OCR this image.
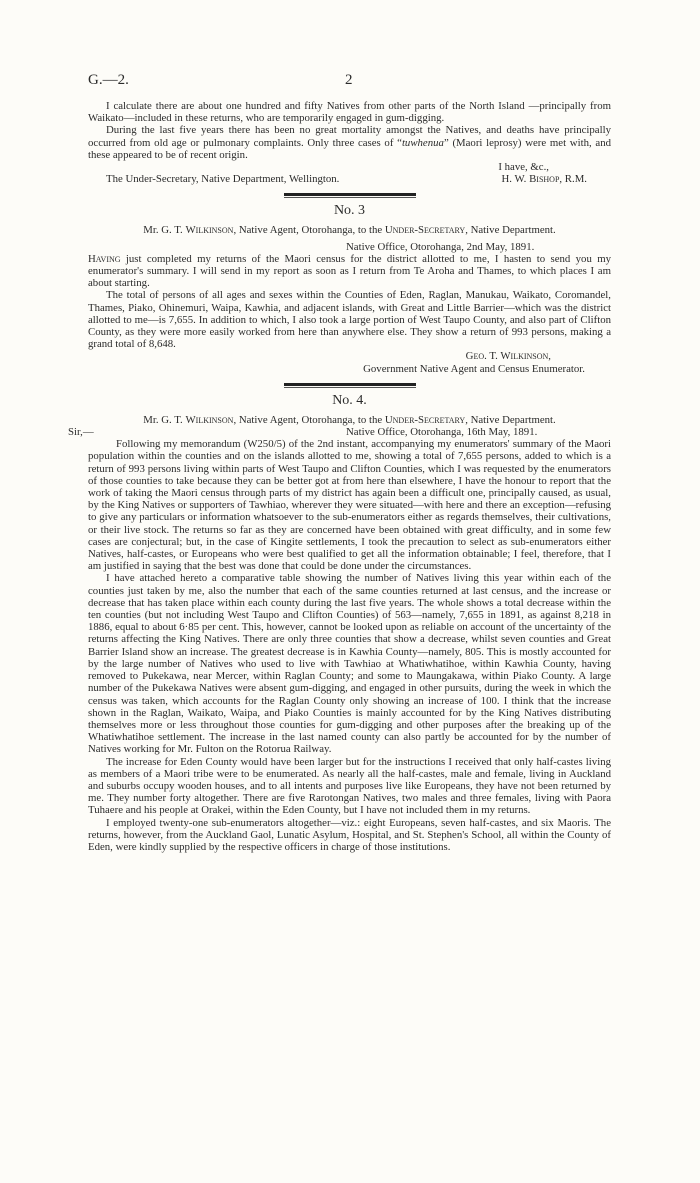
G.—2.	2

I calculate there are about one hundred and fifty Natives from other parts of the North Island —principally from Waikato—included in these returns, who are temporarily engaged in gum-digging.

During the last five years there has been no great mortality amongst the Natives, and deaths have principally occurred from old age or pulmonary complaints. Only three cases of “tuwhenua” (Maori leprosy) were met with, and these appeared to be of recent origin.

I have, &c.,
The Under-Secretary, Native Department, Wellington.	H. W. Bishop, R.M.
No. 3
Mr. G. T. Wilkinson, Native Agent, Otorohanga, to the Under-Secretary, Native Department.
Native Office, Otorohanga, 2nd May, 1891.

Having just completed my returns of the Maori census for the district allotted to me, I hasten to send you my enumerator's summary. I will send in my report as soon as I return from Te Aroha and Thames, to which places I am about starting.

The total of persons of all ages and sexes within the Counties of Eden, Raglan, Manukau, Waikato, Coromandel, Thames, Piako, Ohinemuri, Waipa, Kawhia, and adjacent islands, with Great and Little Barrier—which was the district allotted to me—is 7,655. In addition to which, I also took a large portion of West Taupo County, and also part of Clifton County, as they were more easily worked from here than anywhere else. They show a return of 993 persons, making a grand total of 8,648.

Geo. T. Wilkinson,
Government Native Agent and Census Enumerator.
No. 4.
Mr. G. T. Wilkinson, Native Agent, Otorohanga, to the Under-Secretary, Native Department.
Sir,—	Native Office, Otorohanga, 16th May, 1891.

Following my memorandum (W250/5) of the 2nd instant, accompanying my enumerators' summary of the Maori population within the counties and on the islands allotted to me, showing a total of 7,655 persons, added to which is a return of 993 persons living within parts of West Taupo and Clifton Counties, which I was requested by the enumerators of those counties to take because they can be better got at from here than elsewhere, I have the honour to report that the work of taking the Maori census through parts of my district has again been a difficult one, principally caused, as usual, by the King Natives or supporters of Tawhiao, wherever they were situated—with here and there an exception—refusing to give any particulars or information whatsoever to the sub-enumerators either as regards themselves, their cultivations, or their live stock. The returns so far as they are concerned have been obtained with great difficulty, and in some few cases are conjectural; but, in the case of Kingite settlements, I took the precaution to select as sub-enumerators either Natives, half-castes, or Europeans who were best qualified to get all the information obtainable; I feel, therefore, that I am justified in saying that the best was done that could be done under the circumstances.

I have attached hereto a comparative table showing the number of Natives living this year within each of the counties just taken by me, also the number that each of the same counties returned at last census, and the increase or decrease that has taken place within each county during the last five years. The whole shows a total decrease within the ten counties (but not including West Taupo and Clifton Counties) of 563—namely, 7,655 in 1891, as against 8,218 in 1886, equal to about 6·85 per cent. This, however, cannot be looked upon as reliable on account of the uncertainty of the returns affecting the King Natives. There are only three counties that show a decrease, whilst seven counties and Great Barrier Island show an increase. The greatest decrease is in Kawhia County—namely, 805. This is mostly accounted for by the large number of Natives who used to live with Tawhiao at Whatiwhatihoe, within Kawhia County, having removed to Pukekawa, near Mercer, within Raglan County; and some to Maungakawa, within Piako County. A large number of the Pukekawa Natives were absent gum-digging, and engaged in other pursuits, during the week in which the census was taken, which accounts for the Raglan County only showing an increase of 100. I think that the increase shown in the Raglan, Waikato, Waipa, and Piako Counties is mainly accounted for by the King Natives distributing themselves more or less throughout those counties for gum-digging and other purposes after the breaking up of the Whatiwhatihoe settlement. The increase in the last named county can also partly be accounted for by the number of Natives working for Mr. Fulton on the Rotorua Railway.

The increase for Eden County would have been larger but for the instructions I received that only half-castes living as members of a Maori tribe were to be enumerated. As nearly all the half-castes, male and female, living in Auckland and suburbs occupy wooden houses, and to all intents and purposes live like Europeans, they have not been returned by me. They number forty altogether. There are five Rarotongan Natives, two males and three females, living with Paora Tuhaere and his people at Orakei, within the Eden County, but I have not included them in my returns.

I employed twenty-one sub-enumerators altogether—viz.: eight Europeans, seven half-castes, and six Maoris. The returns, however, from the Auckland Gaol, Lunatic Asylum, Hospital, and St. Stephen's School, all within the County of Eden, were kindly supplied by the respective officers in charge of those institutions.
